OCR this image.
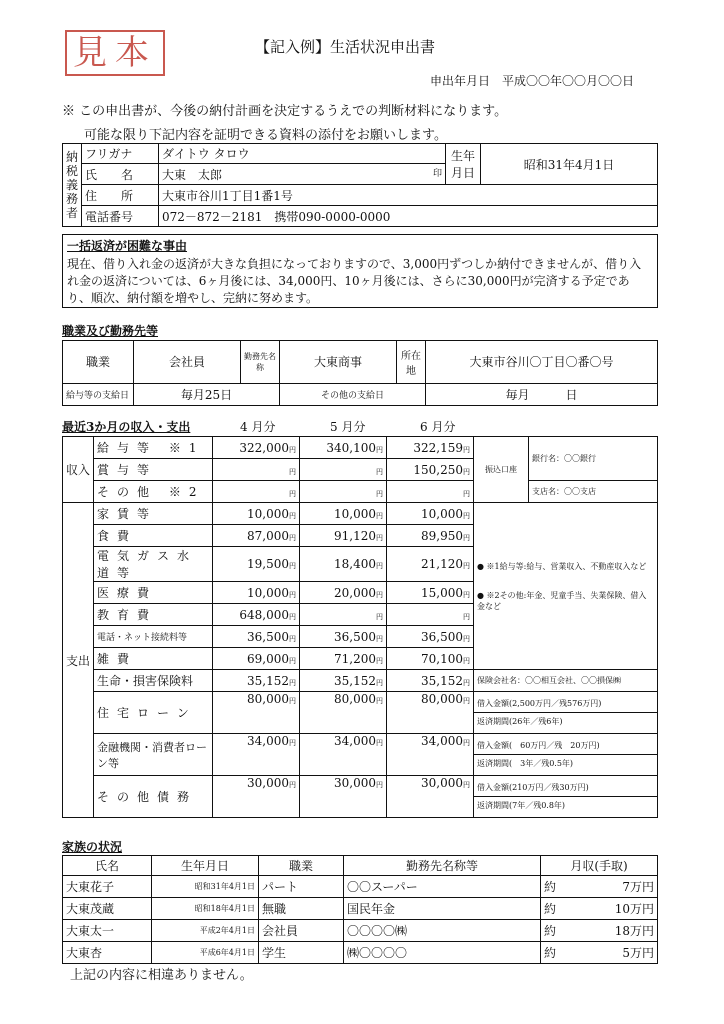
見本	【記入例】生活状況申出書
申出年月日　平成〇〇年〇〇月〇〇日
※ この申出書が、今後の納付計画を決定するうえでの判断材料になります。
可能な限り下記内容を証明できる資料の添付をお願いします。
納税義務者	フリガナ	ダイトウ タロウ	生年月日	昭和31年4月1日
	氏　　名	大東　太郎 印		

	住　　所	大東市谷川1丁目1番1号		
	電話番号	072－872－2181　携帯090-0000-0000		
一括返済が困難な事由
現在、借り入れ金の返済が大きな負担になっておりますので、3,000円ずつしか納付できませんが、借り入れ金の返済については、6ヶ月後には、34,000円、10ヶ月後には、さらに30,000円が完済する予定であり、順次、納付額を増やし、完納に努めます。
職業及び勤務先等
職業	会社員	勤務先名称	大東商事	所在地	大東市谷川〇丁目〇番〇号
給与等の支給日	毎月25日		その他の支給日		毎月　　　日
最近3か月の収入・支出	4 月分	5 月分	6 月分
収入	給与等 ※1	322,000円	340,100円	322,159円	振込口座	銀行名：〇〇銀行
	賞与等	円	円	150,250円		
	その他 ※2	円	円	円		支店名：〇〇支店
支出	家賃等	10,000円	10,000円	10,000円	● ※1給与等:給与、営業収入、不動産収入など

● ※2その他:年金、児童手当、失業保険、借入金など	
	食費	87,000円	91,120円	89,950円		
	電気ガス水道等	19,500円	18,400円	21,120円		
	医療費	10,000円	20,000円	15,000円		
	教育費	648,000円	円	円		
	電話・ネット接続料等	36,500円	36,500円	36,500円		
	雑費	69,000円	71,200円	70,100円		
	生命・損害保険料	35,152円	35,152円	35,152円	保険会社名：〇〇相互会社、〇〇損保㈱	
	住宅ローン	80,000円	80,000円	80,000円	借入金額(2,500万円／残576万円)
返済期間(26年／残6年)	
	金融機関・消費者ローン等	34,000円	34,000円	34,000円	借入金額(　60万円／残　20万円)
返済期間(　3年／残0.5年)	
	その他債務	30,000円	30,000円	30,000円	借入金額(210万円／残30万円)
返済期間(7年／残0.8年)	
家族の状況
氏名	生年月日	職業	勤務先名称等	月収(手取)	
大東花子	昭和31年4月1日	パート	〇〇スーパー	約	7万円
大東茂蔵	昭和18年4月1日	無職	国民年金	約	10万円
大東太一	平成2年4月1日	会社員	〇〇〇〇㈱	約	18万円
大東杏	平成6年4月1日	学生	㈱〇〇〇〇	約	5万円
上記の内容に相違ありません。
